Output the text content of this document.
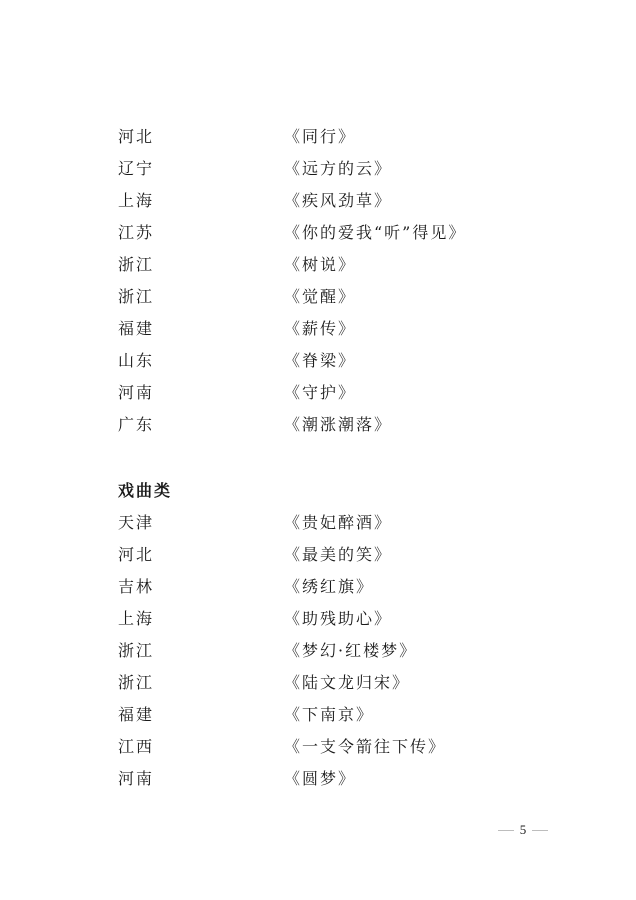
河北	《同行》
辽宁	《远方的云》
上海	《疾风劲草》
江苏	《你的爱我“听”得见》
浙江	《树说》
浙江	《觉醒》
福建	《薪传》
山东	《脊梁》
河南	《守护》
广东	《潮涨潮落》
戏曲类
天津	《贵妃醉酒》
河北	《最美的笑》
吉林	《绣红旗》
上海	《助残助心》
浙江	《梦幻·红楼梦》
浙江	《陆文龙归宋》
福建	《下南京》
江西	《一支令箭往下传》
河南	《圆梦》
5
